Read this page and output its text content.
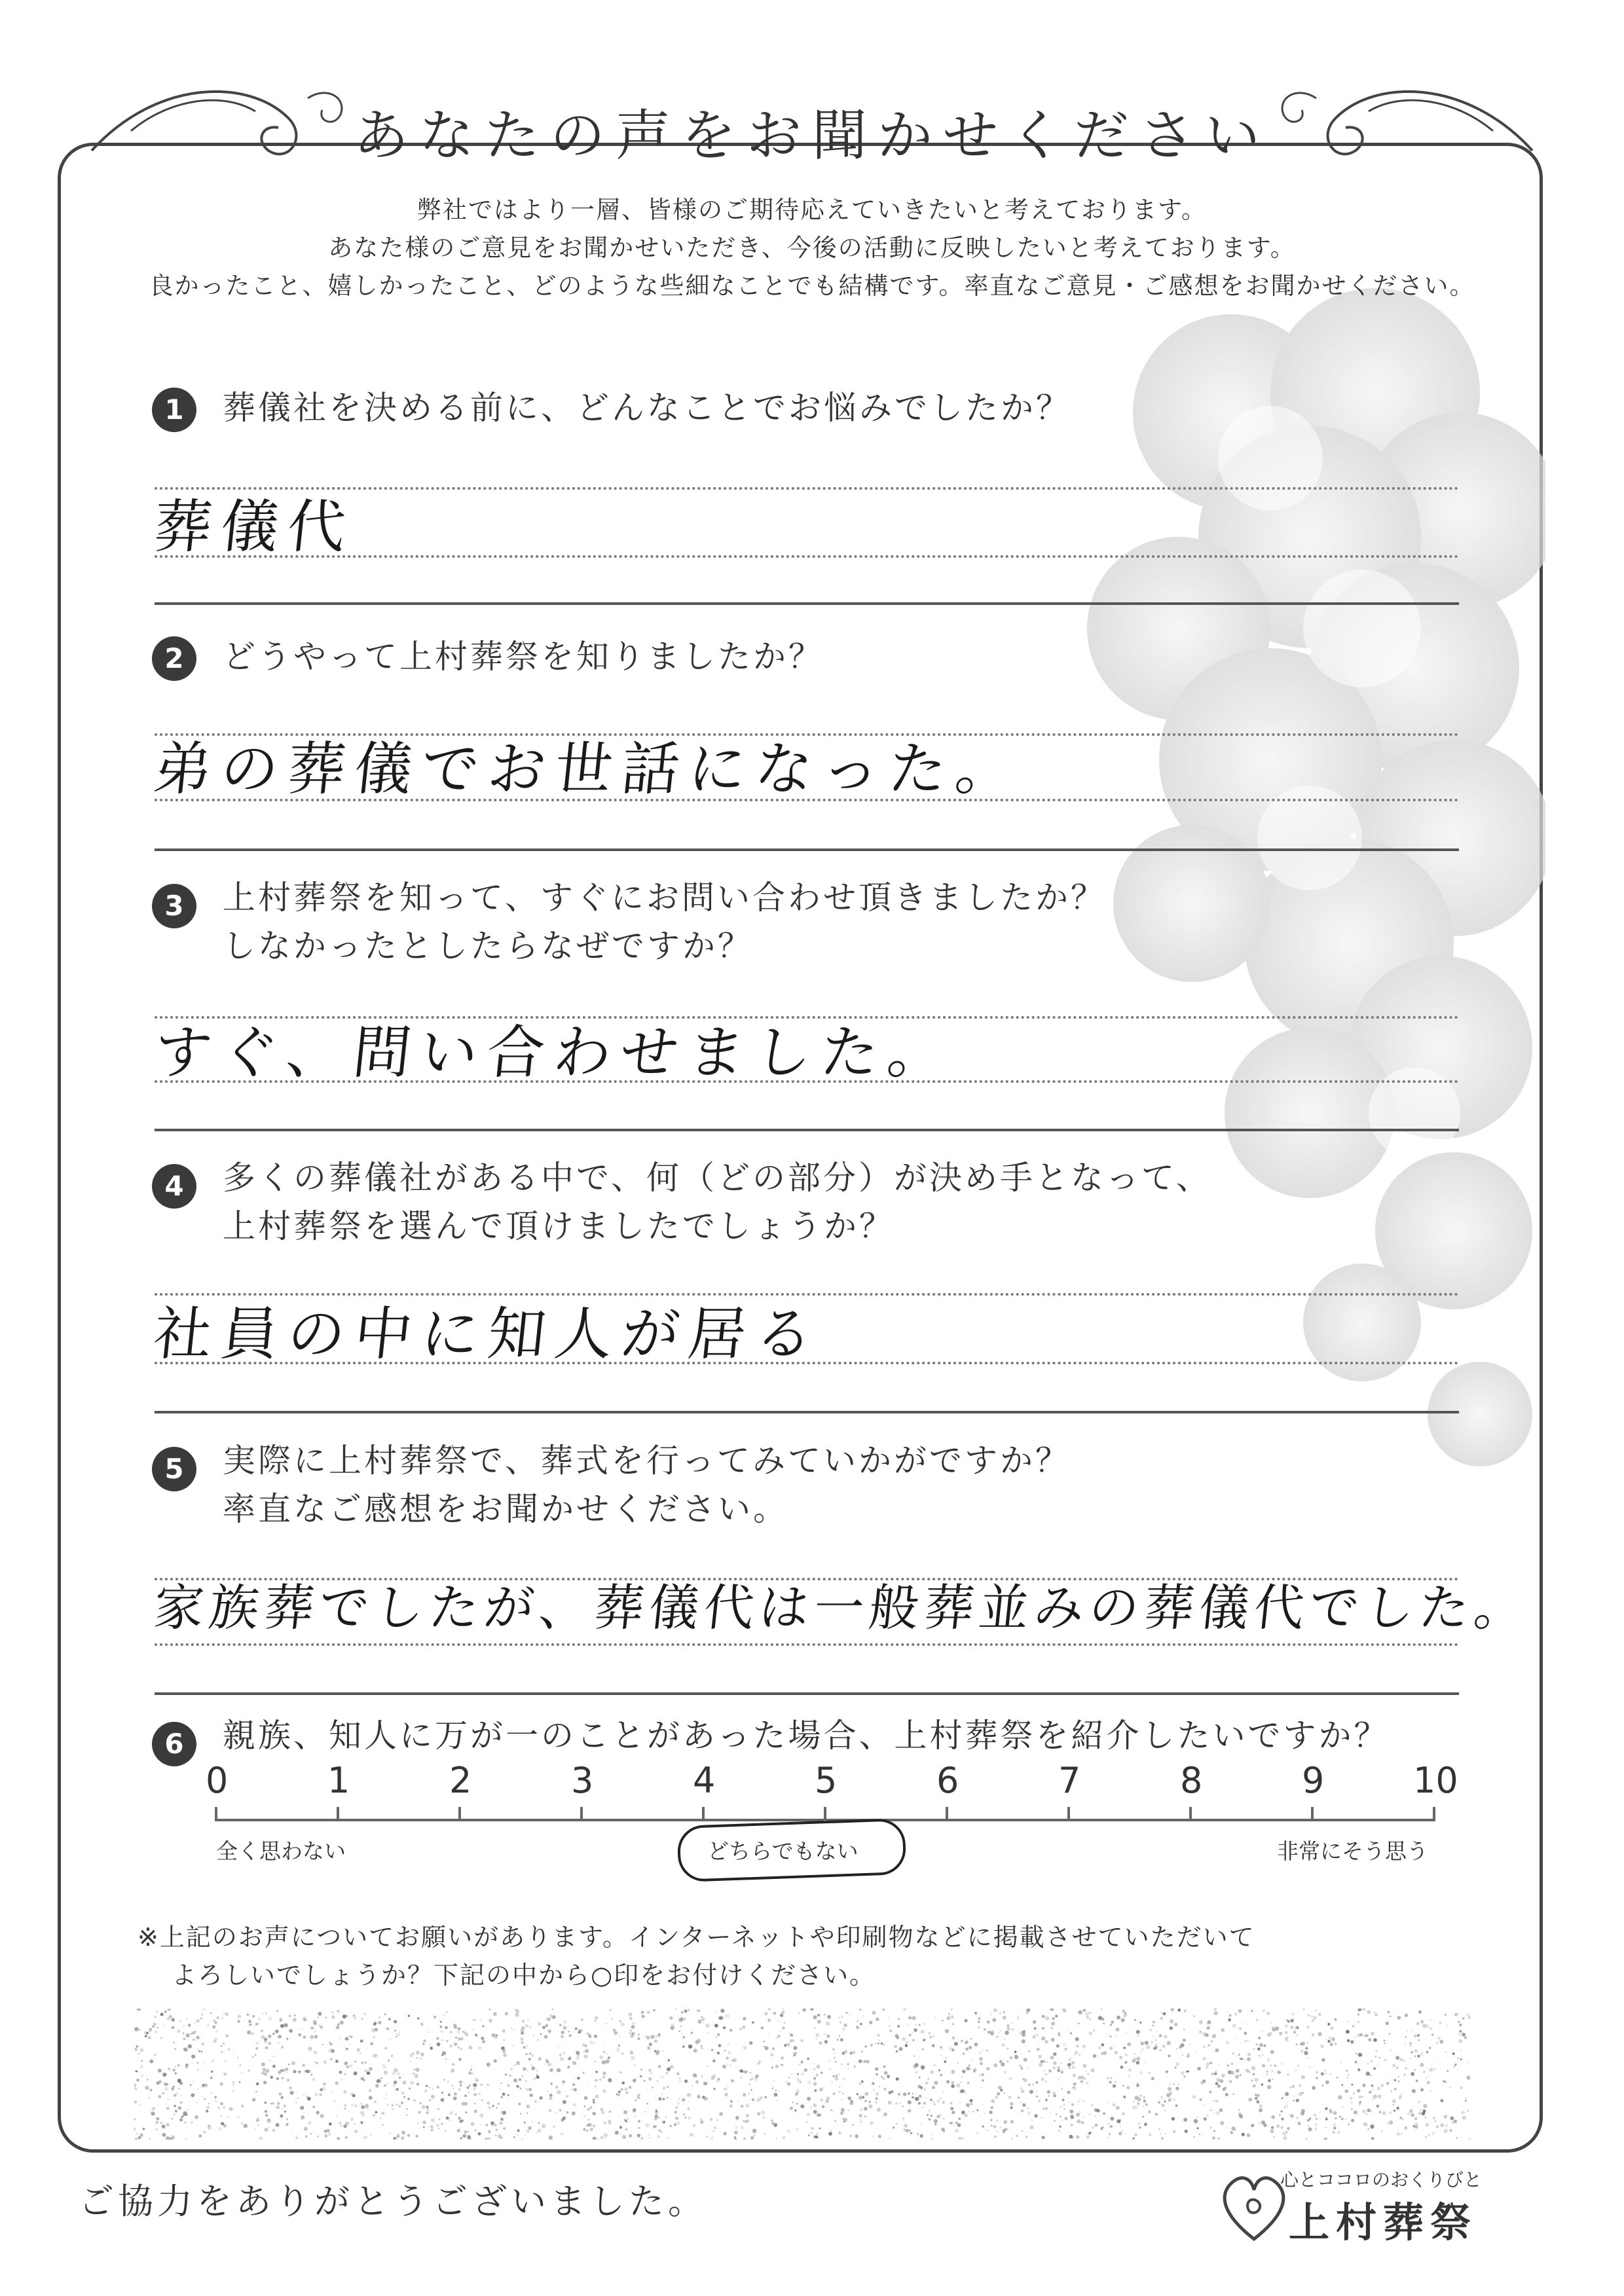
あなたの声をお聞かせください
弊社ではより一層、皆様のご期待応えていきたいと考えております。
あなた様のご意見をお聞かせいただき、今後の活動に反映したいと考えております。
良かったこと、嬉しかったこと、どのような些細なことでも結構です。率直なご意見・ご感想をお聞かせください。
1	葬儀社を決める前に、どんなことでお悩みでしたか？
葬儀代
2	どうやって上村葬祭を知りましたか？
弟の葬儀でお世話になった。
3	上村葬祭を知って、すぐにお問い合わせ頂きましたか？
しなかったとしたらなぜですか？
すぐ、問い合わせました。
4	多くの葬儀社がある中で、何（どの部分）が決め手となって、
上村葬祭を選んで頂けましたでしょうか？
社員の中に知人が居る
5	実際に上村葬祭で、葬式を行ってみていかがですか？
率直なご感想をお聞かせください。
家族葬でしたが、葬儀代は一般葬並みの葬儀代でした。
6	親族、知人に万が一のことがあった場合、上村葬祭を紹介したいですか？
全く思わない	どちらでもない	非常にそう思う
0	1	2	3	4	5	6	7	8	9	10
※上記のお声についてお願いがあります。インターネットや印刷物などに掲載させていただいて
よろしいでしょうか？下記の中から○印をお付けください。
ご協力をありがとうございました。
心とココロのおくりびと
上村葬祭
